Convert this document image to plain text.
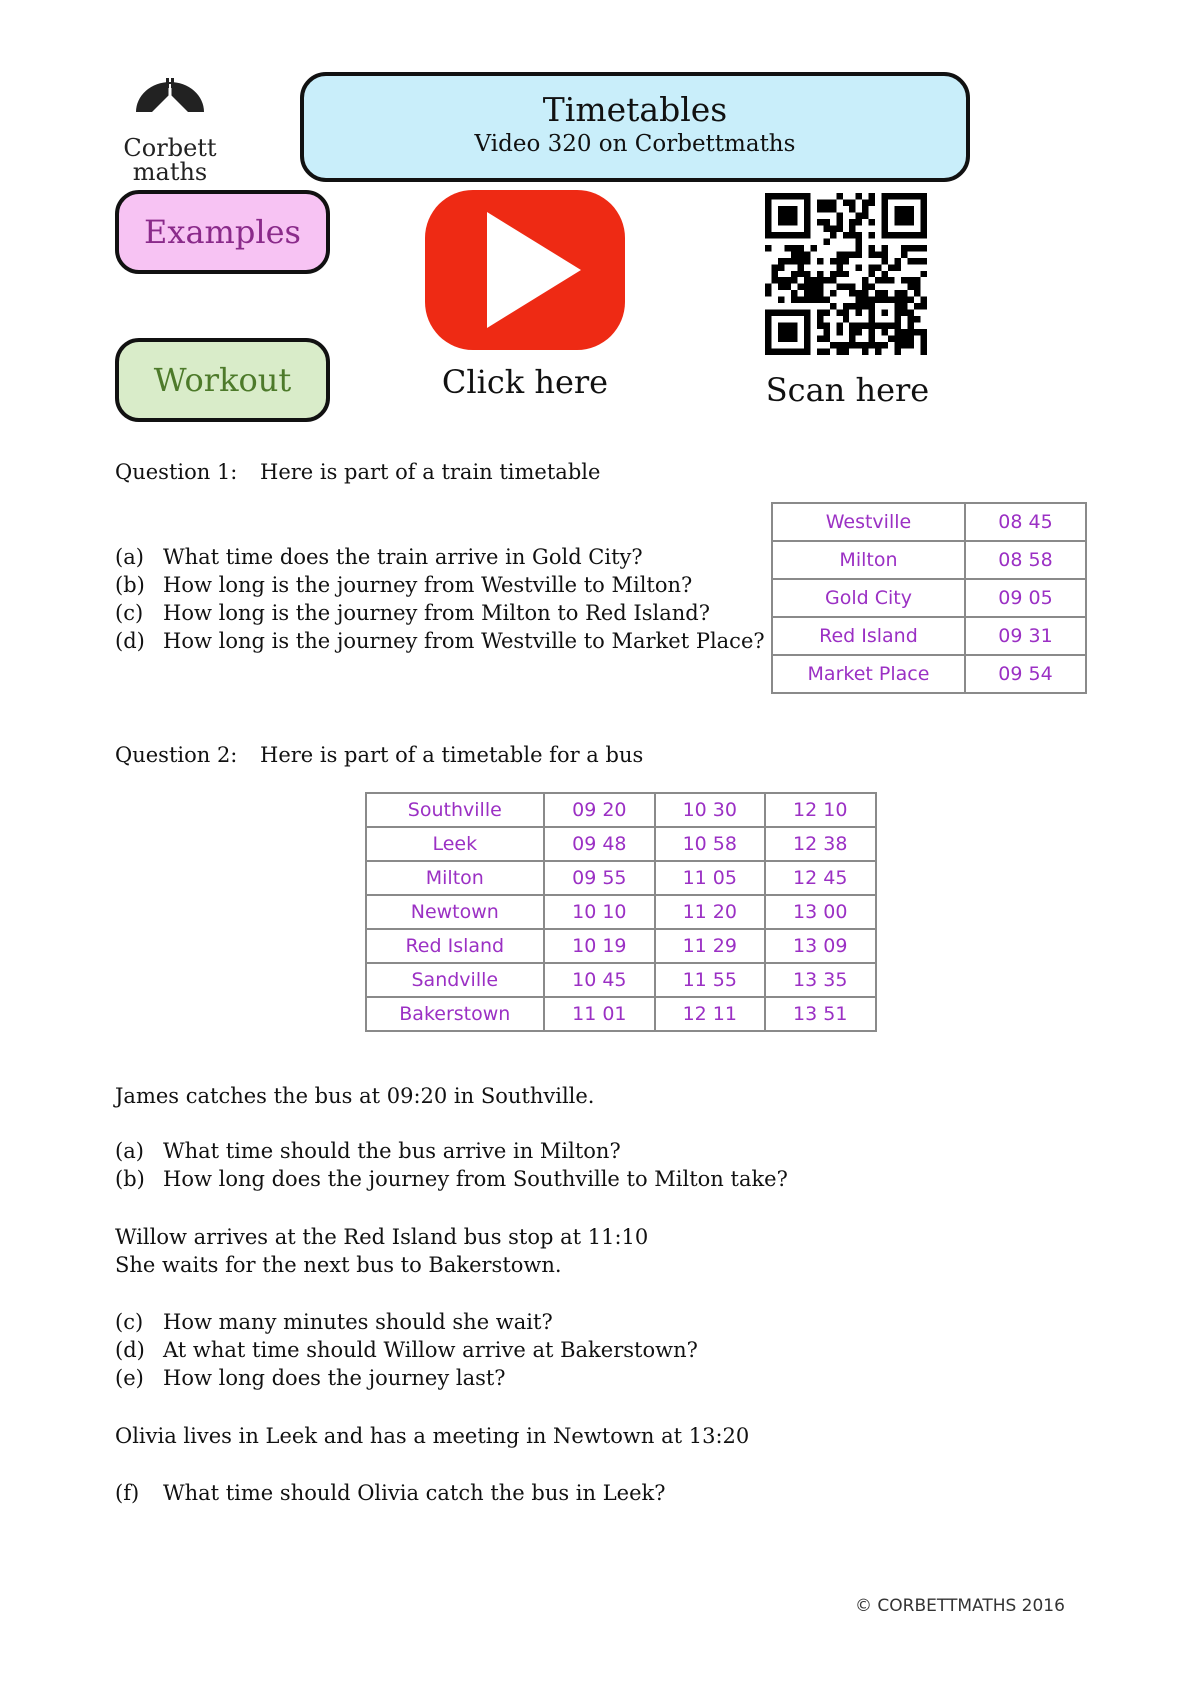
Corbett
maths
Timetables
Video 320 on Corbettmaths
Examples
Workout	Click here	Scan here
Question 1: Here is part of a train timetable
(a) What time does the train arrive in Gold City?
(b) How long is the journey from Westville to Milton?
(c) How long is the journey from Milton to Red Island?
(d) How long is the journey from Westville to Market Place?
Westville	08 45
Milton	08 58
Gold City	09 05
Red Island	09 31
Market Place	09 54
Question 2: Here is part of a timetable for a bus
Southville	09 20	10 30	12 10
Leek	09 48	10 58	12 38
Milton	09 55	11 05	12 45
Newtown	10 10	11 20	13 00
Red Island	10 19	11 29	13 09
Sandville	10 45	11 55	13 35
Bakerstown	11 01	12 11	13 51
James catches the bus at 09:20 in Southville.
(a) What time should the bus arrive in Milton?
(b) How long does the journey from Southville to Milton take?
Willow arrives at the Red Island bus stop at 11:10
She waits for the next bus to Bakerstown.
(c) How many minutes should she wait?
(d) At what time should Willow arrive at Bakerstown?
(e) How long does the journey last?
Olivia lives in Leek and has a meeting in Newtown at 13:20
(f) What time should Olivia catch the bus in Leek?
© CORBETTMATHS 2016
